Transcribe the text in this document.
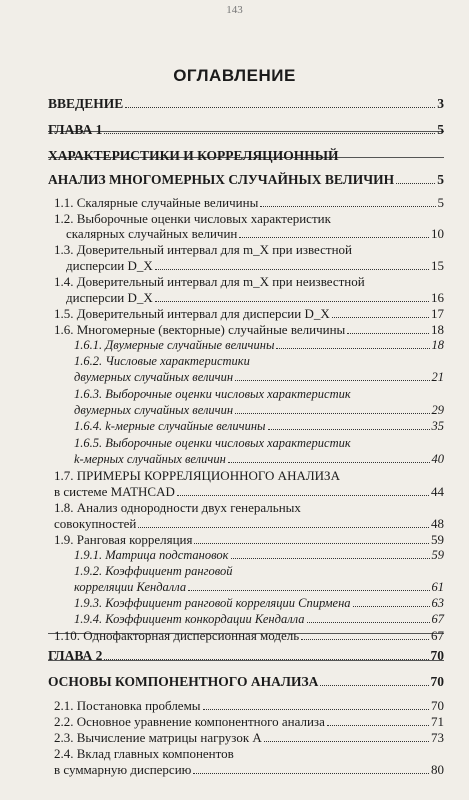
143
ОГЛАВЛЕНИЕ
ВВЕДЕНИЕ	3
ГЛАВА 1	5
ХАРАКТЕРИСТИКИ И КОРРЕЛЯЦИОННЫЙ
АНАЛИЗ МНОГОМЕРНЫХ СЛУЧАЙНЫХ ВЕЛИЧИН	5
1.1. Скалярные случайные величины	5
1.2. Выборочные оценки числовых характеристик
скалярных случайных величин	10
1.3. Доверительный интервал для m_X при известной
дисперсии D_X	15
1.4. Доверительный интервал для m_X при неизвестной
дисперсии D_X	16
1.5. Доверительный интервал для дисперсии D_X	17
1.6. Многомерные (векторные) случайные величины	18
1.6.1. Двумерные случайные величины	18
1.6.2. Числовые характеристики
двумерных случайных величин	21
1.6.3. Выборочные оценки числовых характеристик
двумерных случайных величин	29
1.6.4. k-мерные случайные величины	35
1.6.5. Выборочные оценки числовых характеристик
k-мерных случайных величин	40
1.7. ПРИМЕРЫ КОРРЕЛЯЦИОННОГО АНАЛИЗА
в системе MATHCAD	44
1.8. Анализ однородности двух генеральных
совокупностей	48
1.9. Ранговая корреляция	59
1.9.1. Матрица подстановок	59
1.9.2. Коэффициент ранговой
корреляции Кендалла	61
1.9.3. Коэффициент ранговой корреляции Спирмена	63
1.9.4. Коэффициент конкордации Кендалла	67
1.10. Однофакторная дисперсионная модель	67
ГЛАВА 2	70
ОСНОВЫ КОМПОНЕНТНОГО АНАЛИЗА	70
2.1. Постановка проблемы	70
2.2. Основное уравнение компонентного анализа	71
2.3. Вычисление матрицы нагрузок A	73
2.4. Вклад главных компонентов
в суммарную дисперсию	80
